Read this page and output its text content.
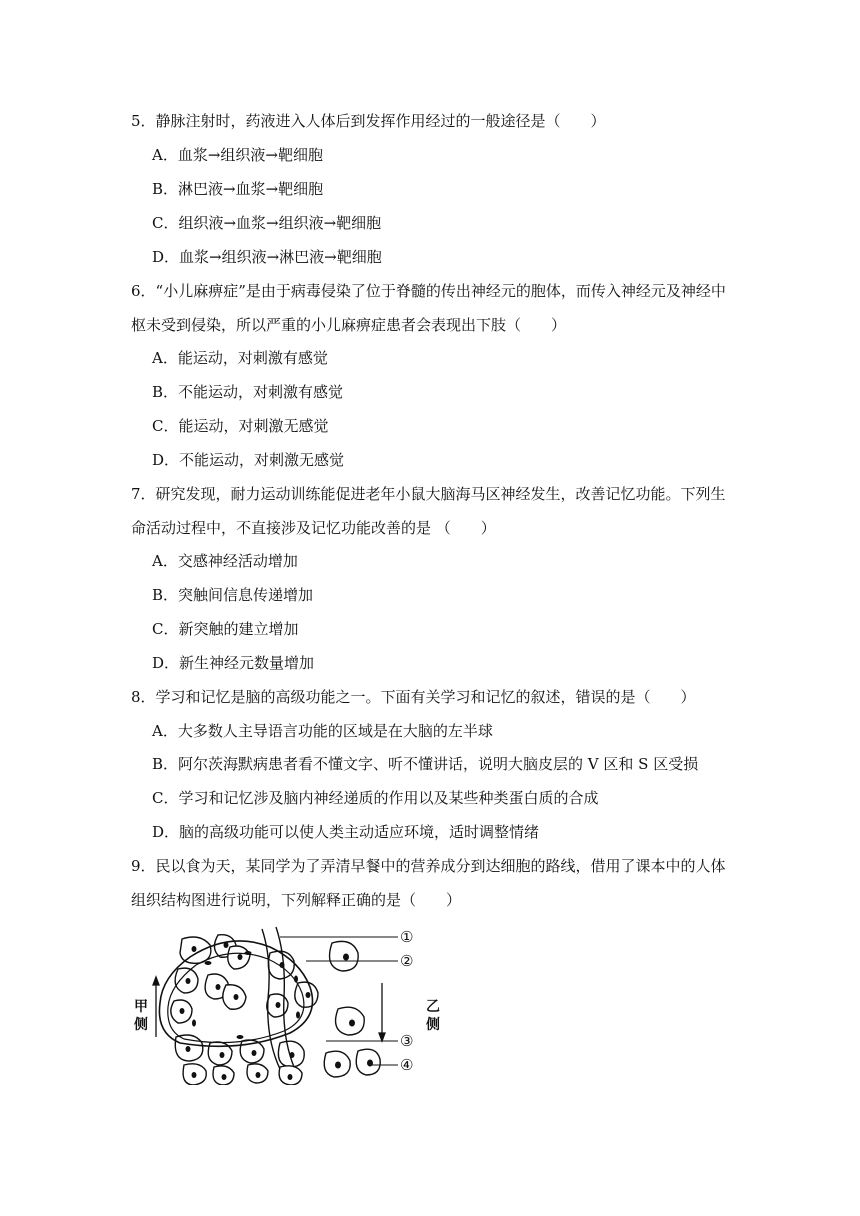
5．静脉注射时，药液进入人体后到发挥作用经过的一般途径是（　　）
A．血浆→组织液→靶细胞
B．淋巴液→血浆→靶细胞
C．组织液→血浆→组织液→靶细胞
D．血浆→组织液→淋巴液→靶细胞
6．“小儿麻痹症”是由于病毒侵染了位于脊髓的传出神经元的胞体，而传入神经元及神经中
枢未受到侵染，所以严重的小儿麻痹症患者会表现出下肢（　　）
A．能运动，对刺激有感觉
B．不能运动，对刺激有感觉
C．能运动，对刺激无感觉
D．不能运动，对刺激无感觉
7．研究发现，耐力运动训练能促进老年小鼠大脑海马区神经发生，改善记忆功能。下列生
命活动过程中，不直接涉及记忆功能改善的是 （　　）
A．交感神经活动增加
B．突触间信息传递增加
C．新突触的建立增加
D．新生神经元数量增加
8．学习和记忆是脑的高级功能之一。下面有关学习和记忆的叙述，错误的是（　　）
A．大多数人主导语言功能的区域是在大脑的左半球
B．阿尔茨海默病患者看不懂文字、听不懂讲话，说明大脑皮层的 V 区和 S 区受损
C．学习和记忆涉及脑内神经递质的作用以及某些种类蛋白质的合成
D．脑的高级功能可以使人类主动适应环境，适时调整情绪
9．民以食为天，某同学为了弄清早餐中的营养成分到达细胞的路线，借用了课本中的人体
组织结构图进行说明，下列解释正确的是（　　）
甲
侧
乙
侧
①
②
③
④
